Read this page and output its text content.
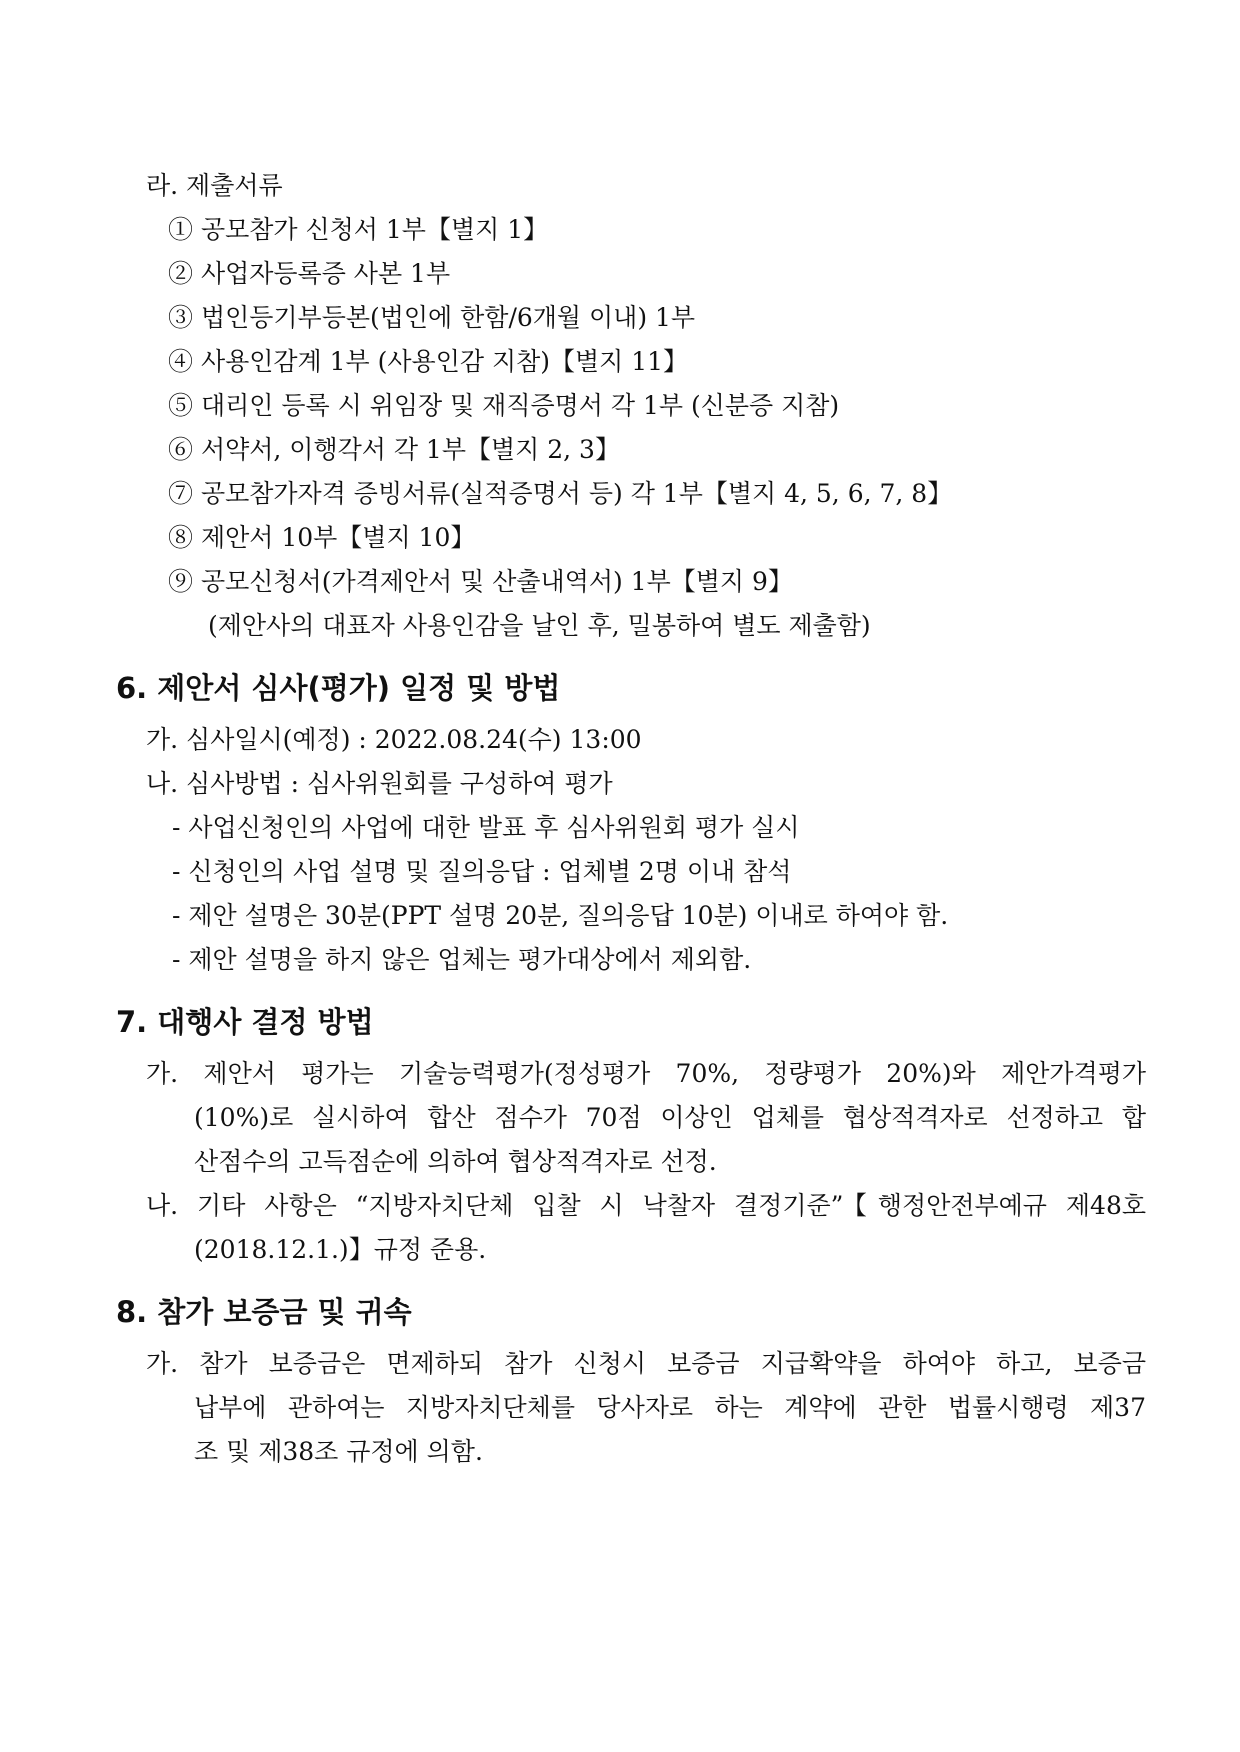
라. 제출서류
① 공모참가 신청서 1부【별지 1】
② 사업자등록증 사본 1부
③ 법인등기부등본(법인에 한함/6개월 이내) 1부
④ 사용인감계 1부 (사용인감 지참)【별지 11】
⑤ 대리인 등록 시 위임장 및 재직증명서 각 1부 (신분증 지참)
⑥ 서약서, 이행각서 각 1부【별지 2, 3】
⑦ 공모참가자격 증빙서류(실적증명서 등) 각 1부【별지 4, 5, 6, 7, 8】
⑧ 제안서 10부【별지 10】
⑨ 공모신청서(가격제안서 및 산출내역서) 1부【별지 9】
(제안사의 대표자 사용인감을 날인 후, 밀봉하여 별도 제출함)
6. 제안서 심사(평가) 일정 및 방법
가. 심사일시(예정) : 2022.08.24(수) 13:00
나. 심사방법 : 심사위원회를 구성하여 평가
- 사업신청인의 사업에 대한 발표 후 심사위원회 평가 실시
- 신청인의 사업 설명 및 질의응답 : 업체별 2명 이내 참석
- 제안 설명은 30분(PPT 설명 20분, 질의응답 10분) 이내로 하여야 함.
- 제안 설명을 하지 않은 업체는 평가대상에서 제외함.
7. 대행사 결정 방법
가. 제안서 평가는 기술능력평가(정성평가 70%, 정량평가 20%)와 제안가격평가
(10%)로 실시하여 합산 점수가 70점 이상인 업체를 협상적격자로 선정하고 합
산점수의 고득점순에 의하여 협상적격자로 선정.
나. 기타 사항은 “지방자치단체 입찰 시 낙찰자 결정기준”【행정안전부예규 제48호
(2018.12.1.)】규정 준용.
8. 참가 보증금 및 귀속
가. 참가 보증금은 면제하되 참가 신청시 보증금 지급확약을 하여야 하고, 보증금
납부에 관하여는 지방자치단체를 당사자로 하는 계약에 관한 법률시행령 제37
조 및 제38조 규정에 의함.
